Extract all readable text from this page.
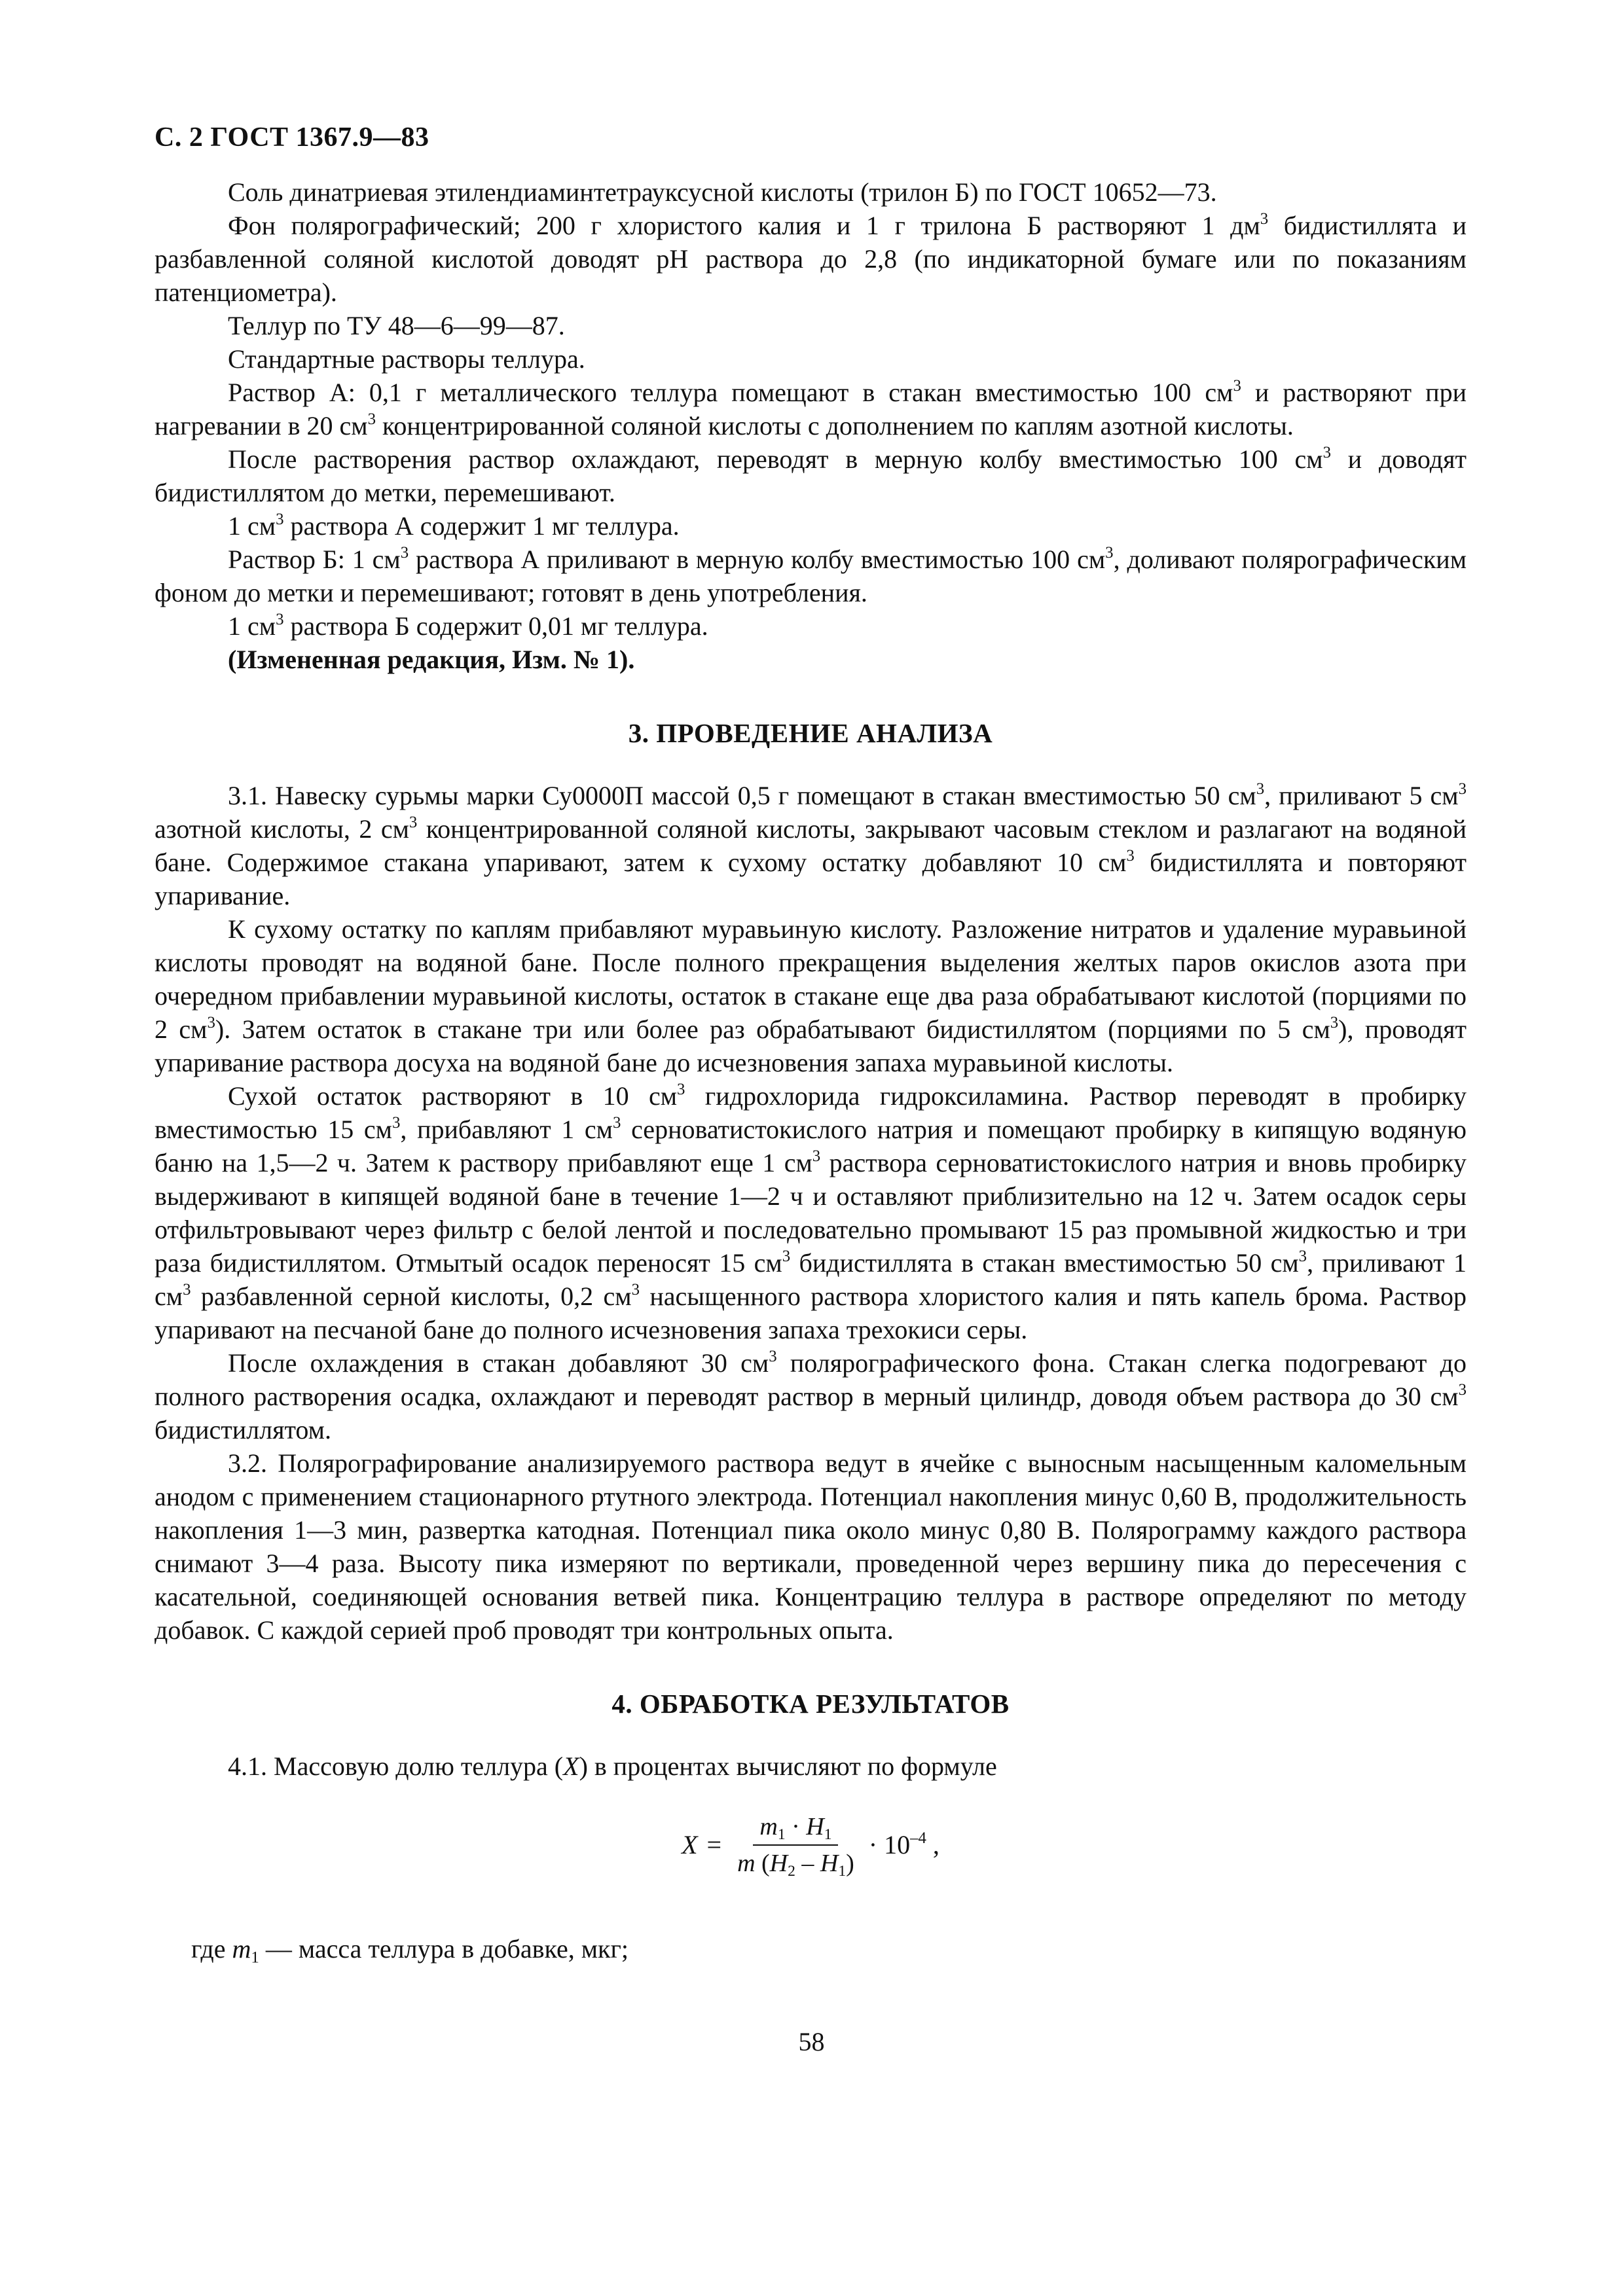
С. 2 ГОСТ 1367.9—83

Соль динатриевая этилендиаминтетрауксусной кислоты (трилон Б) по ГОСТ 10652—73.

Фон полярографический; 200 г хлористого калия и 1 г трилона Б растворяют 1 $дм^3$ бидистиллята и разбавленной соляной кислотой доводят pH раствора до 2,8 (по индикаторной бумаге или по показаниям патенциометра).

Теллур по ТУ 48—6—99—87.

Стандартные растворы теллура.

Раствор А: 0,1 г металлического теллура помещают в стакан вместимостью 100 $см^3$ и растворяют при нагревании в 20 $см^3$ концентрированной соляной кислоты с дополнением по каплям азотной кислоты.

После растворения раствор охлаждают, переводят в мерную колбу вместимостью 100 $см^3$ и доводят бидистиллятом до метки, перемешивают.

1 $см^3$ раствора А содержит 1 мг теллура.

Раствор Б: 1 $см^3$ раствора А приливают в мерную колбу вместимостью 100 $см^3$, доливают полярографическим фоном до метки и перемешивают; готовят в день употребления.

1 $см^3$ раствора Б содержит 0,01 мг теллура.

(Измененная редакция, Изм. № 1).

3. ПРОВЕДЕНИЕ АНАЛИЗА

3.1. Навеску сурьмы марки Су0000П массой 0,5 г помещают в стакан вместимостью 50 $см^3$, приливают 5 $см^3$ азотной кислоты, 2 $см^3$ концентрированной соляной кислоты, закрывают часовым стеклом и разлагают на водяной бане. Содержимое стакана упаривают, затем к сухому остатку добавляют 10 $см^3$ бидистиллята и повторяют упаривание.

К сухому остатку по каплям прибавляют муравьиную кислоту. Разложение нитратов и удаление муравьиной кислоты проводят на водяной бане. После полного прекращения выделения желтых паров окислов азота при очередном прибавлении муравьиной кислоты, остаток в стакане еще два раза обрабатывают кислотой (порциями по 2 $см^3$). Затем остаток в стакане три или более раз обрабатывают бидистиллятом (порциями по 5 $см^3$), проводят упаривание раствора досуха на водяной бане до исчезновения запаха муравьиной кислоты.

Сухой остаток растворяют в 10 $см^3$ гидрохлорида гидроксиламина. Раствор переводят в пробирку вместимостью 15 $см^3$, прибавляют 1 $см^3$ серноватистокислого натрия и помещают пробирку в кипящую водяную баню на 1,5—2 ч. Затем к раствору прибавляют еще 1 $см^3$ раствора серноватистокислого натрия и вновь пробирку выдерживают в кипящей водяной бане в течение 1—2 ч и оставляют приблизительно на 12 ч. Затем осадок серы отфильтровывают через фильтр с белой лентой и последовательно промывают 15 раз промывной жидкостью и три раза бидистиллятом. Отмытый осадок переносят 15 $см^3$ бидистиллята в стакан вместимостью 50 $см^3$, приливают 1 $см^3$ разбавленной серной кислоты, 0,2 $см^3$ насыщенного раствора хлористого калия и пять капель брома. Раствор упаривают на песчаной бане до полного исчезновения запаха трехокиси серы.

После охлаждения в стакан добавляют 30 $см^3$ полярографического фона. Стакан слегка подогревают до полного растворения осадка, охлаждают и переводят раствор в мерный цилиндр, доводя объем раствора до 30 $см^3$ бидистиллятом.

3.2. Полярографирование анализируемого раствора ведут в ячейке с выносным насыщенным каломельным анодом с применением стационарного ртутного электрода. Потенциал накопления минус 0,60 В, продолжительность накопления 1—3 мин, развертка катодная. Потенциал пика около минус 0,80 В. Полярограмму каждого раствора снимают 3—4 раза. Высоту пика измеряют по вертикали, проведенной через вершину пика до пересечения с касательной, соединяющей основания ветвей пика. Концентрацию теллура в растворе определяют по методу добавок. С каждой серией проб проводят три контрольных опыта.

4. ОБРАБОТКА РЕЗУЛЬТАТОВ

4.1. Массовую долю теллура (X) в процентах вычисляют по формуле

$X = \frac{m_1 \cdot H_1}{m (H_2 - H_1)} \cdot 10^{-4}$ ,

где $m_1$ — масса теллура в добавке, мкг;

58
